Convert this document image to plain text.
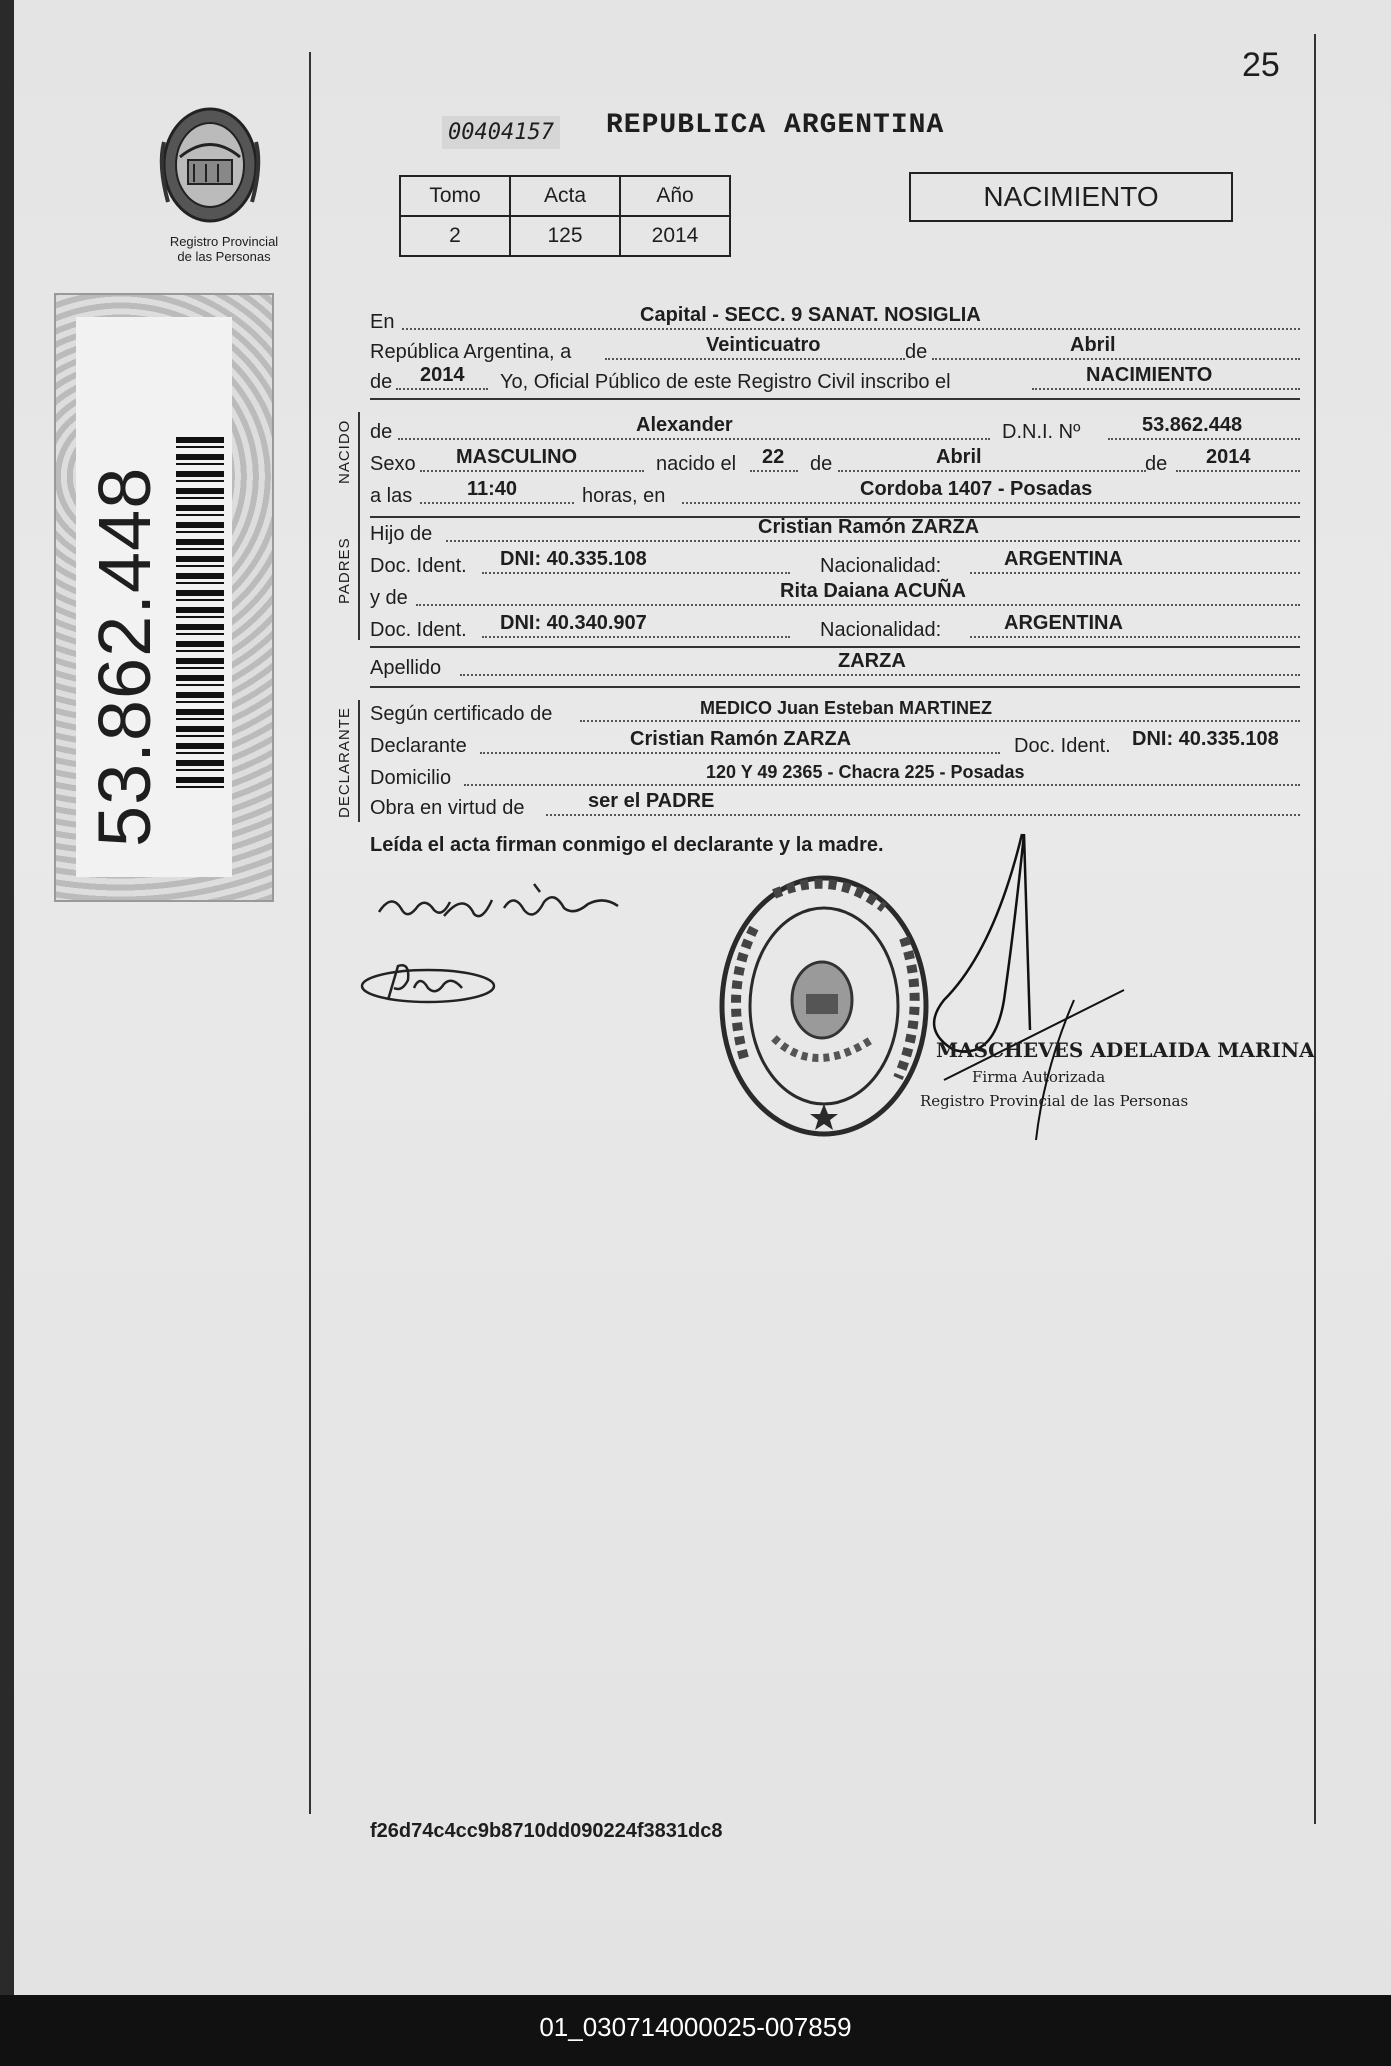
25
Registro Provincial
de las Personas
53.862.448
00404157 REPUBLICA ARGENTINA
Tomo	Acta	Año
2	125	2014
NACIMIENTO
En	Capital - SECC. 9 SANAT. NOSIGLIA
República Argentina, a	Veinticuatro	de	Abril
de 2014 Yo, Oficial Público de este Registro Civil inscribo el	NACIMIENTO
NACIDO de	Alexander	D.N.I. Nº	53.862.448
Sexo MASCULINO	nacido el 22 de	Abril	de 2014
a las	11:40	horas, en	Cordoba 1407 - Posadas
PADRES
Hijo de	Cristian Ramón ZARZA
Doc. Ident. DNI: 40.335.108	Nacionalidad:	ARGENTINA
y de	Rita Daiana ACUÑA
Doc. Ident. DNI: 40.340.907	Nacionalidad:	ARGENTINA
Apellido	ZARZA
DECLARANTE Según certificado de	MEDICO Juan Esteban MARTINEZ
Declarante	Cristian Ramón ZARZA	Doc. Ident. DNI: 40.335.108
Domicilio	120 Y 49 2365 - Chacra 225 - Posadas
Obra en virtud de	ser el PADRE
Leída el acta firman conmigo el declarante y la madre.
MASCHEVES ADELAIDA MARINA
Firma Autorizada
Registro Provincial de las Personas
f26d74c4cc9b8710dd090224f3831dc8
01_030714000025-007859
